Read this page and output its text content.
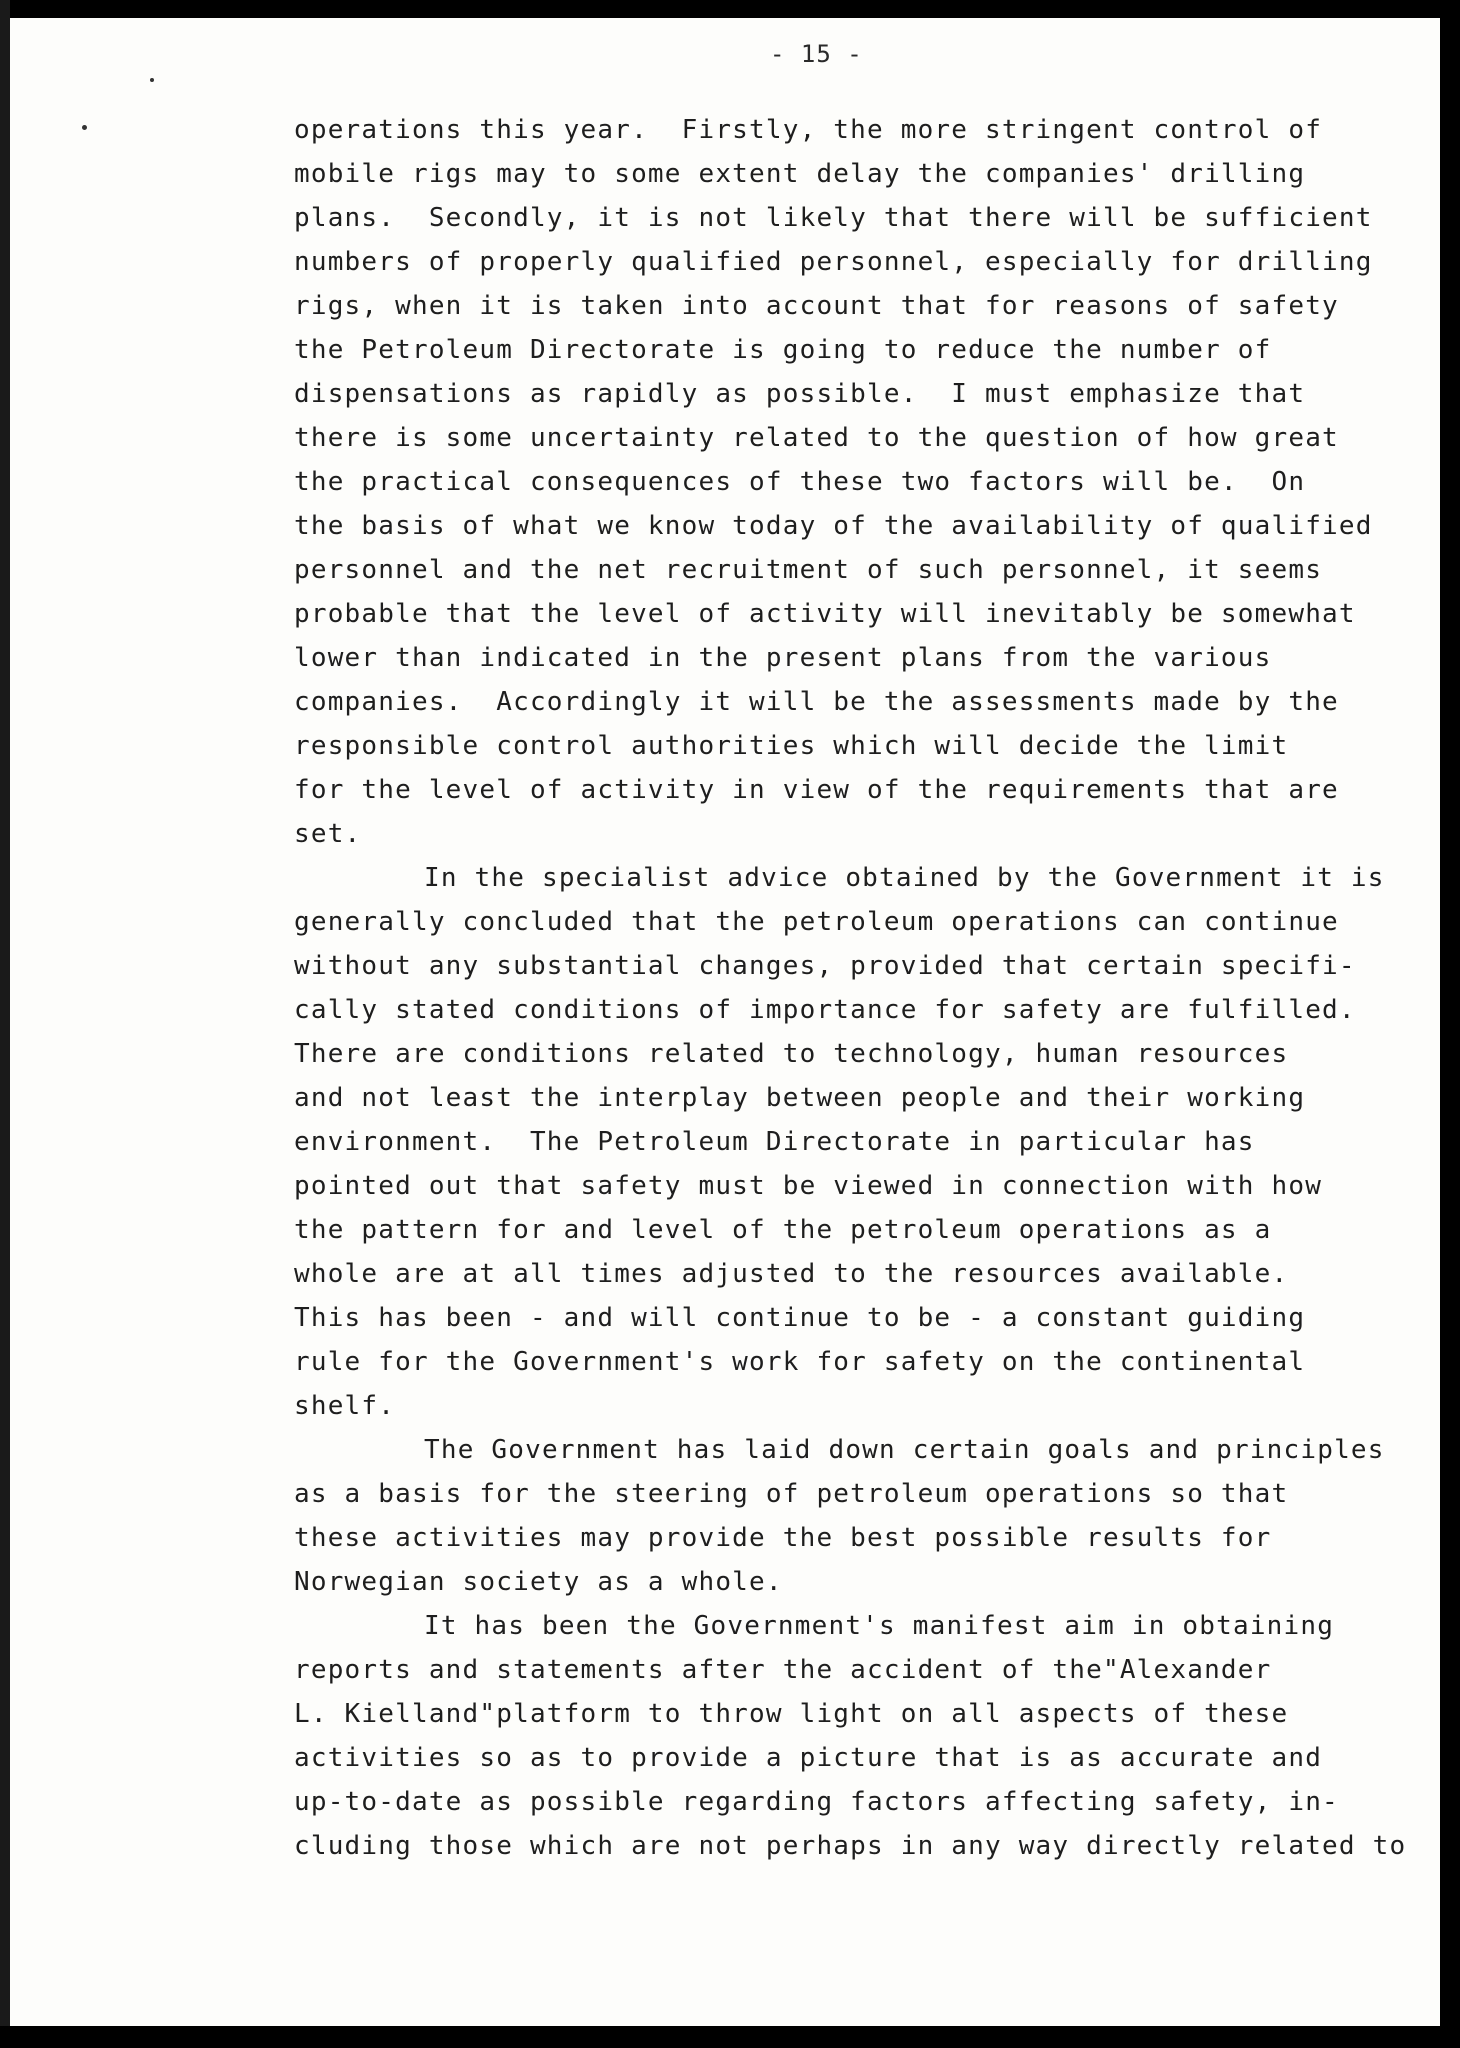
- 15 -
operations this year.  Firstly, the more stringent control of
mobile rigs may to some extent delay the companies' drilling
plans.  Secondly, it is not likely that there will be sufficient
numbers of properly qualified personnel, especially for drilling
rigs, when it is taken into account that for reasons of safety
the Petroleum Directorate is going to reduce the number of
dispensations as rapidly as possible.  I must emphasize that
there is some uncertainty related to the question of how great
the practical consequences of these two factors will be.  On
the basis of what we know today of the availability of qualified
personnel and the net recruitment of such personnel, it seems
probable that the level of activity will inevitably be somewhat
lower than indicated in the present plans from the various
companies.  Accordingly it will be the assessments made by the
responsible control authorities which will decide the limit
for the level of activity in view of the requirements that are
set.
In the specialist advice obtained by the Government it is
generally concluded that the petroleum operations can continue
without any substantial changes, provided that certain specifi-
cally stated conditions of importance for safety are fulfilled.
There are conditions related to technology, human resources
and not least the interplay between people and their working
environment.  The Petroleum Directorate in particular has
pointed out that safety must be viewed in connection with how
the pattern for and level of the petroleum operations as a
whole are at all times adjusted to the resources available.
This has been - and will continue to be - a constant guiding
rule for the Government's work for safety on the continental
shelf.
The Government has laid down certain goals and principles
as a basis for the steering of petroleum operations so that
these activities may provide the best possible results for
Norwegian society as a whole.
It has been the Government's manifest aim in obtaining
reports and statements after the accident of the"Alexander
L. Kielland"platform to throw light on all aspects of these
activities so as to provide a picture that is as accurate and
up-to-date as possible regarding factors affecting safety, in-
cluding those which are not perhaps in any way directly related to
